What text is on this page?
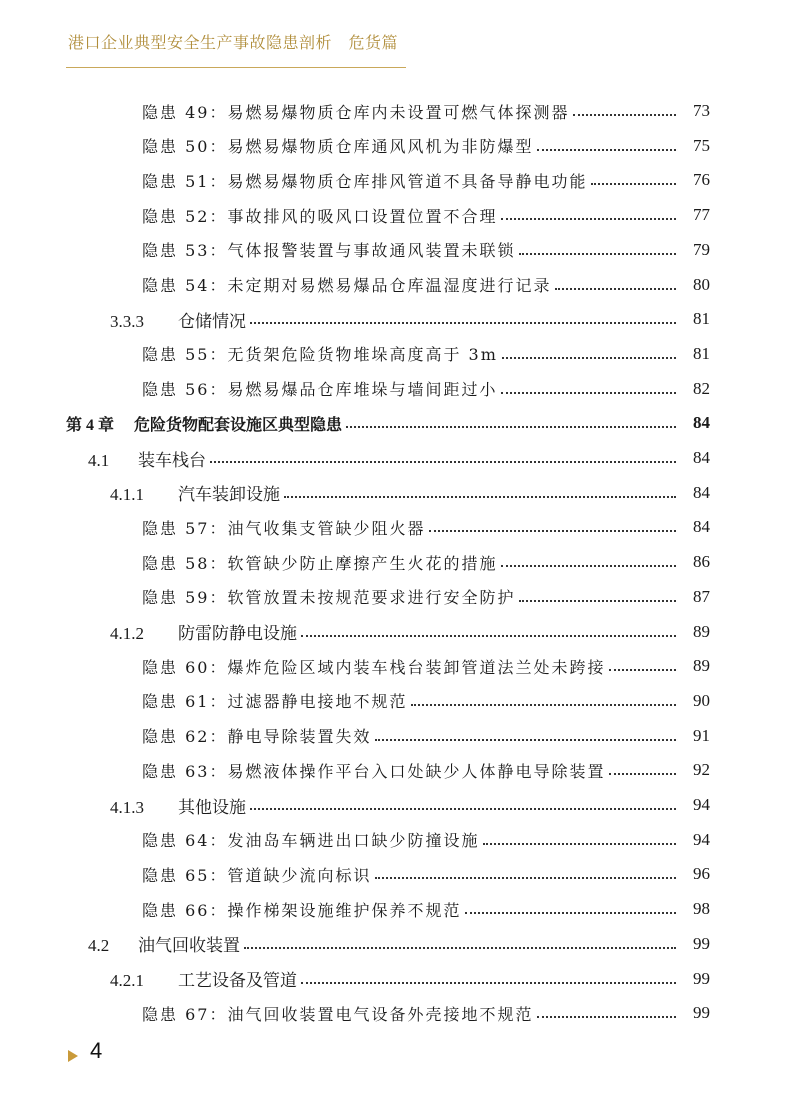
港口企业典型安全生产事故隐患剖析　危货篇
隐患 49：易燃易爆物质仓库内未设置可燃气体探测器	73
隐患 50：易燃易爆物质仓库通风风机为非防爆型	75
隐患 51：易燃易爆物质仓库排风管道不具备导静电功能	76
隐患 52：事故排风的吸风口设置位置不合理	77
隐患 53：气体报警装置与事故通风装置未联锁	79
隐患 54：未定期对易燃易爆品仓库温湿度进行记录	80
3.3.3 仓储情况	81
隐患 55：无货架危险货物堆垛高度高于 3m	81
隐患 56：易燃易爆品仓库堆垛与墙间距过小	82
第 4 章 危险货物配套设施区典型隐患	84
4.1 装车栈台	84
4.1.1 汽车装卸设施	84
隐患 57：油气收集支管缺少阻火器	84
隐患 58：软管缺少防止摩擦产生火花的措施	86
隐患 59：软管放置未按规范要求进行安全防护	87
4.1.2 防雷防静电设施	89
隐患 60：爆炸危险区域内装车栈台装卸管道法兰处未跨接	89
隐患 61：过滤器静电接地不规范	90
隐患 62：静电导除装置失效	91
隐患 63：易燃液体操作平台入口处缺少人体静电导除装置	92
4.1.3 其他设施	94
隐患 64：发油岛车辆进出口缺少防撞设施	94
隐患 65：管道缺少流向标识	96
隐患 66：操作梯架设施维护保养不规范	98
4.2 油气回收装置	99
4.2.1 工艺设备及管道	99
隐患 67：油气回收装置电气设备外壳接地不规范	99
4
